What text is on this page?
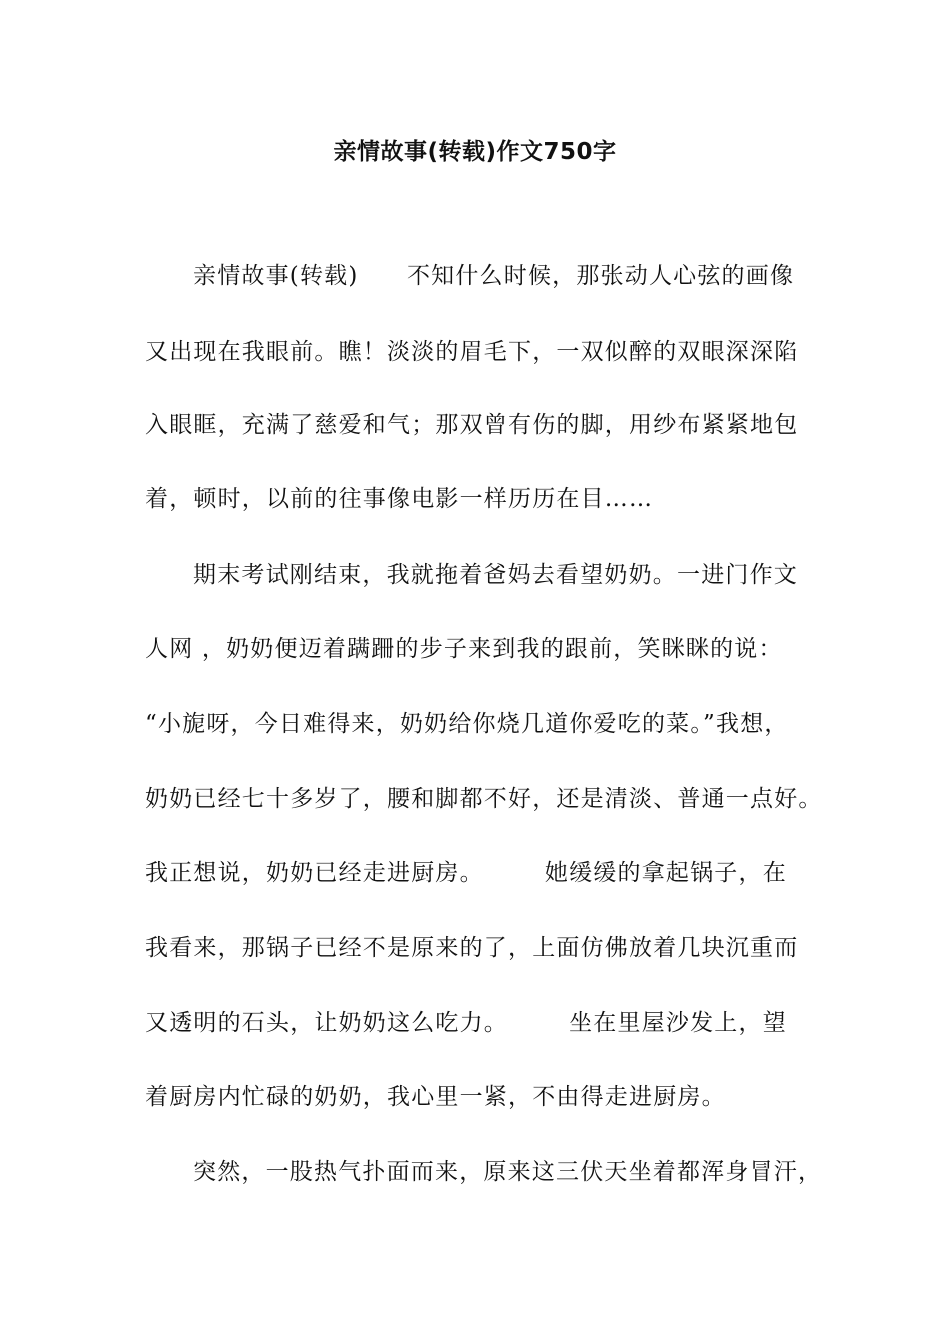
亲情故事(转载)作文750字
亲情故事(转载)　　不知什么时候，那张动人心弦的画像
又出现在我眼前。瞧！淡淡的眉毛下，一双似醉的双眼深深陷
入眼眶，充满了慈爱和气；那双曾有伤的脚，用纱布紧紧地包
着，顿时，以前的往事像电影一样历历在目……
期末考试刚结束，我就拖着爸妈去看望奶奶。一进门作文
人网 ，奶奶便迈着蹒跚的步子来到我的跟前，笑眯眯的说：
“小旎呀，今日难得来，奶奶给你烧几道你爱吃的菜。”我想，
奶奶已经七十多岁了，腰和脚都不好，还是清淡、普通一点好。
我正想说，奶奶已经走进厨房。　　　她缓缓的拿起锅子，在
我看来，那锅子已经不是原来的了，上面仿佛放着几块沉重而
又透明的石头，让奶奶这么吃力。　　　坐在里屋沙发上，望
着厨房内忙碌的奶奶，我心里一紧，不由得走进厨房。
突然，一股热气扑面而来，原来这三伏天坐着都浑身冒汗，
